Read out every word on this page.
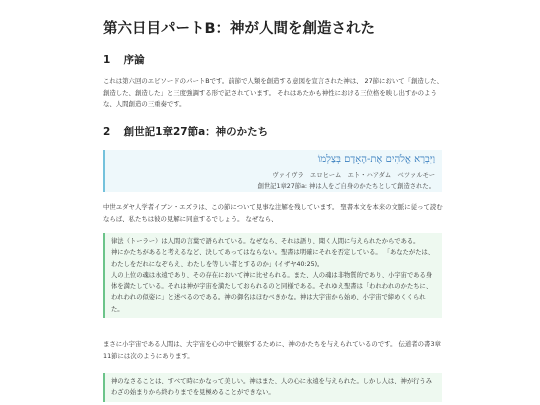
第六日目パートB：神が人間を創造された
1 序論

これは第六回のエピソードのパートBです。前節で人類を創造する意図を宣言された神は、 27節において「創造した、創造した、創造した」と三度強調する形で記されています。 それはあたかも神性における三位格を映し出すかのような、人間創造の三重奏です。

2 創世記1章27節a：神のかたち

וַיִּבְרָא אֱלֹהִים אֶת-הָאָדָם בְּצַלְמוֹ

ヴァイヴラ　エロヒーム　エト・ハアダム　ベツァルモー

創世記1章27節a: 神は人をご自身のかたちとして創造された。

中世ユダヤ人学者イブン・エズラは、この節について見事な注解を残しています。 聖書本文を本来の文脈に従って読むならば、私たちは彼の見解に同意するでしょう。 なぜなら、

律法（トーラー）は人間の言葉で語られている。なぜなら、それは語り、聞く人間に与えられたからである。

神にかたちがあると考えるなど、決してあってはならない。聖書は明確にそれを否定している。 「あなたがたは、わたしをだれになぞらえ、わたしを等しい者とするのか」(イザヤ40:25)。

人の上位の魂は永遠であり、その存在において神に比せられる。また、人の魂は非物質的であり、小宇宙である身体を満たしている。それは神が宇宙を満たしておられるのと同様である。それゆえ聖書は「われわれのかたちに、われわれの似姿に」と述べるのである。神の御名はほむべきかな。神は大宇宙から始め、小宇宙で締めくくられた。

まさに小宇宙である人間は、大宇宙を心の中で観察するために、神のかたちを与えられているのです。 伝道者の書3章11節には次のようにあります。

神のなさることは、すべて時にかなって美しい。神はまた、人の心に永遠を与えられた。しかし人は、神が行うみわざの始まりから終わりまでを見極めることができない。
